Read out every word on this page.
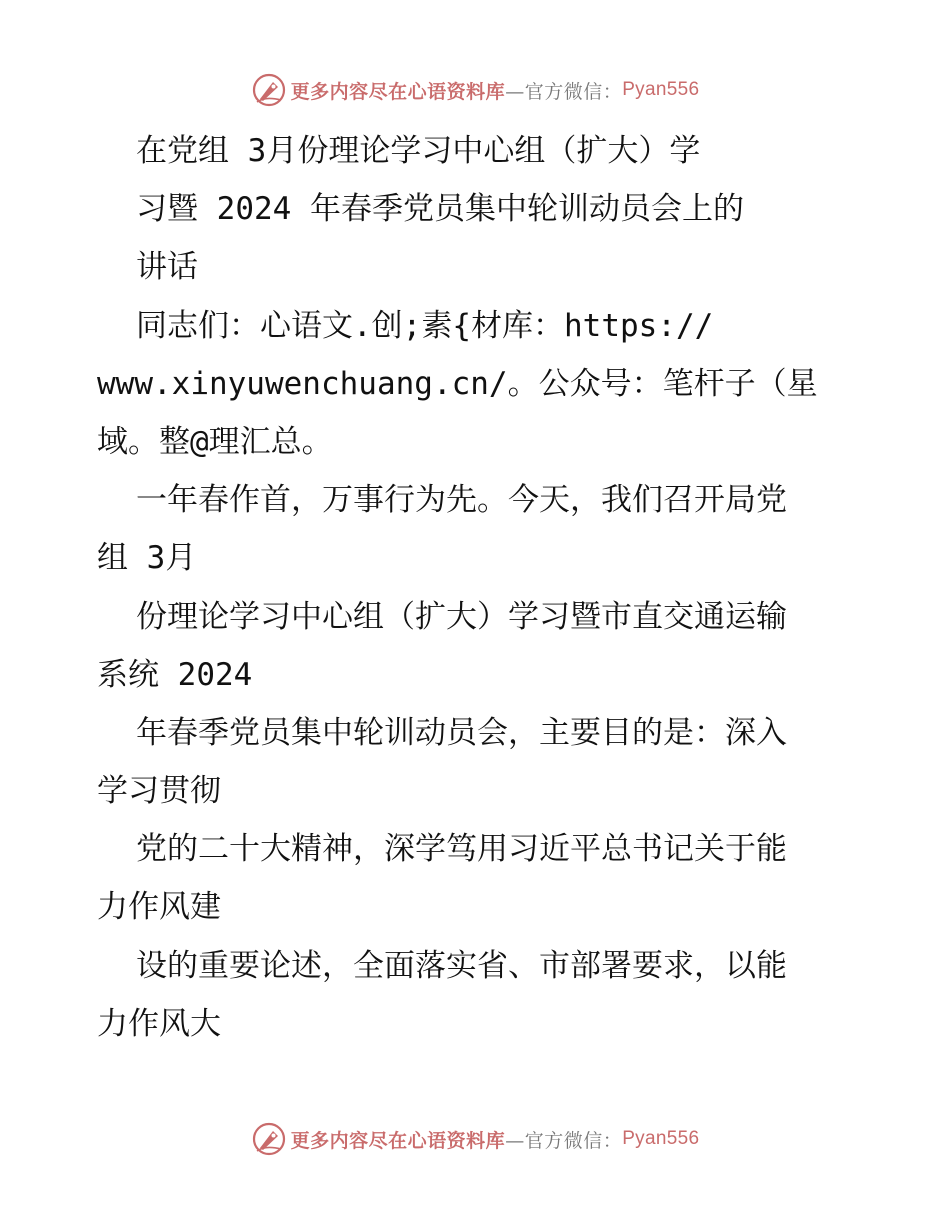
更多内容尽在心语资料库 —官方微信： Pyan556
在党组 3月份理论学习中心组（扩大）学
习暨 2024 年春季党员集中轮训动员会上的
讲话
同志们：心语文.创;素{材库：https://
www.xinyuwenchuang.cn/。公众号：笔杆子（星
域。整@理汇总。
一年春作首，万事行为先。今天，我们召开局党
组 3月
份理论学习中心组（扩大）学习暨市直交通运输
系统 2024
年春季党员集中轮训动员会，主要目的是：深入
学习贯彻
党的二十大精神，深学笃用习近平总书记关于能
力作风建
设的重要论述，全面落实省、市部署要求，以能
力作风大
更多内容尽在心语资料库 —官方微信： Pyan556
